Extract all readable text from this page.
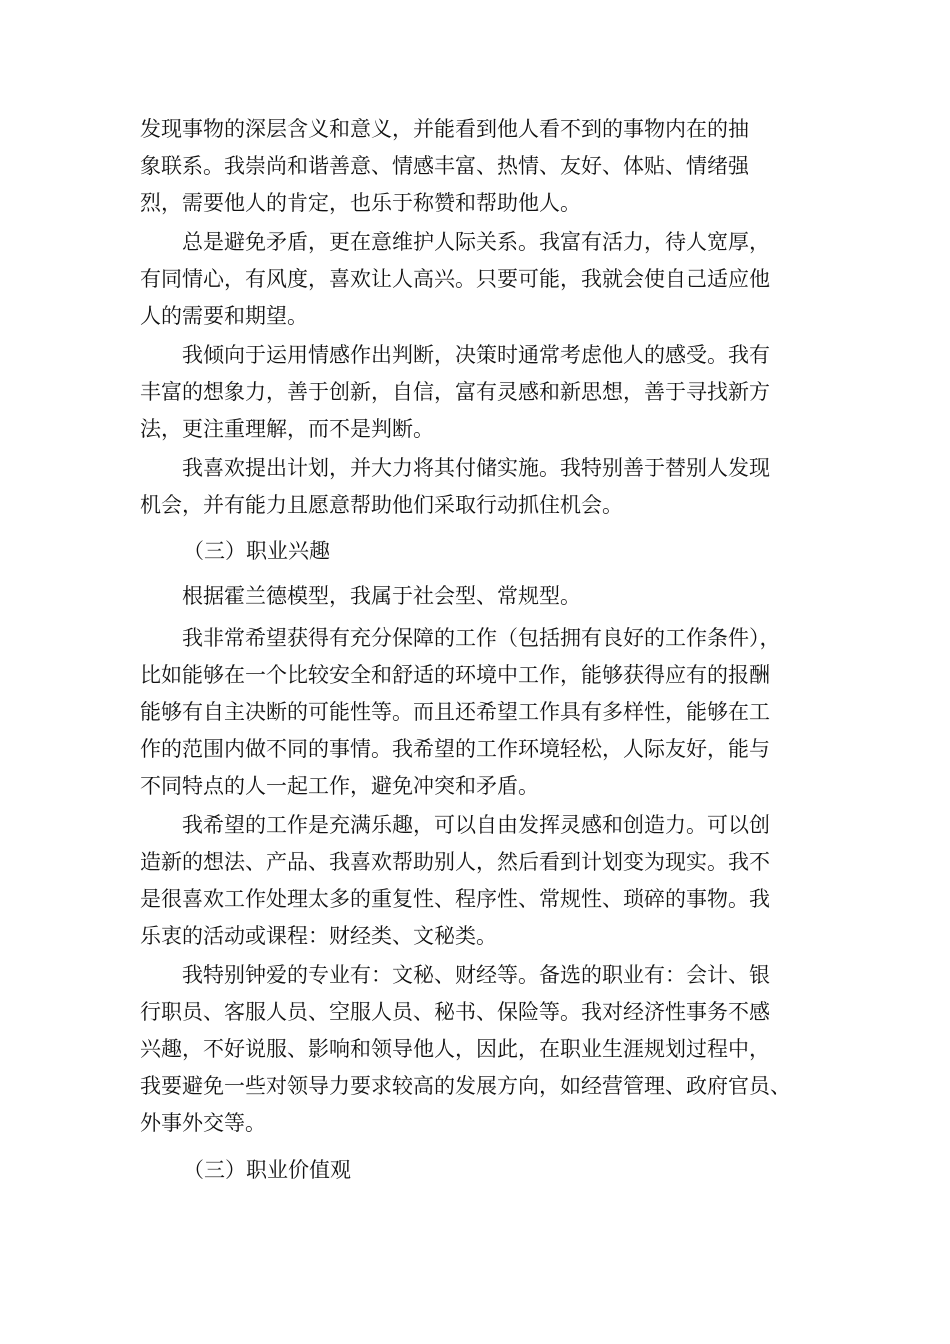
发现事物的深层含义和意义，并能看到他人看不到的事物内在的抽
象联系。我崇尚和谐善意、情感丰富、热情、友好、体贴、情绪强
烈，需要他人的肯定，也乐于称赞和帮助他人。
总是避免矛盾，更在意维护人际关系。我富有活力，待人宽厚，
有同情心，有风度，喜欢让人高兴。只要可能，我就会使自己适应他
人的需要和期望。
我倾向于运用情感作出判断，决策时通常考虑他人的感受。我有
丰富的想象力，善于创新，自信，富有灵感和新思想，善于寻找新方
法，更注重理解，而不是判断。
我喜欢提出计划，并大力将其付储实施。我特别善于替别人发现
机会，并有能力且愿意帮助他们采取行动抓住机会。
（三）职业兴趣
根据霍兰德模型，我属于社会型、常规型。
我非常希望获得有充分保障的工作（包括拥有良好的工作条件），
比如能够在一个比较安全和舒适的环境中工作，能够获得应有的报酬
能够有自主决断的可能性等。而且还希望工作具有多样性，能够在工
作的范围内做不同的事情。我希望的工作环境轻松，人际友好，能与
不同特点的人一起工作，避免冲突和矛盾。
我希望的工作是充满乐趣，可以自由发挥灵感和创造力。可以创
造新的想法、产品、我喜欢帮助别人，然后看到计划变为现实。我不
是很喜欢工作处理太多的重复性、程序性、常规性、琐碎的事物。我
乐衷的活动或课程：财经类、文秘类。
我特别钟爱的专业有：文秘、财经等。备选的职业有：会计、银
行职员、客服人员、空服人员、秘书、保险等。我对经济性事务不感
兴趣，不好说服、影响和领导他人，因此，在职业生涯规划过程中，
我要避免一些对领导力要求较高的发展方向，如经营管理、政府官员、
外事外交等。
（三）职业价值观
